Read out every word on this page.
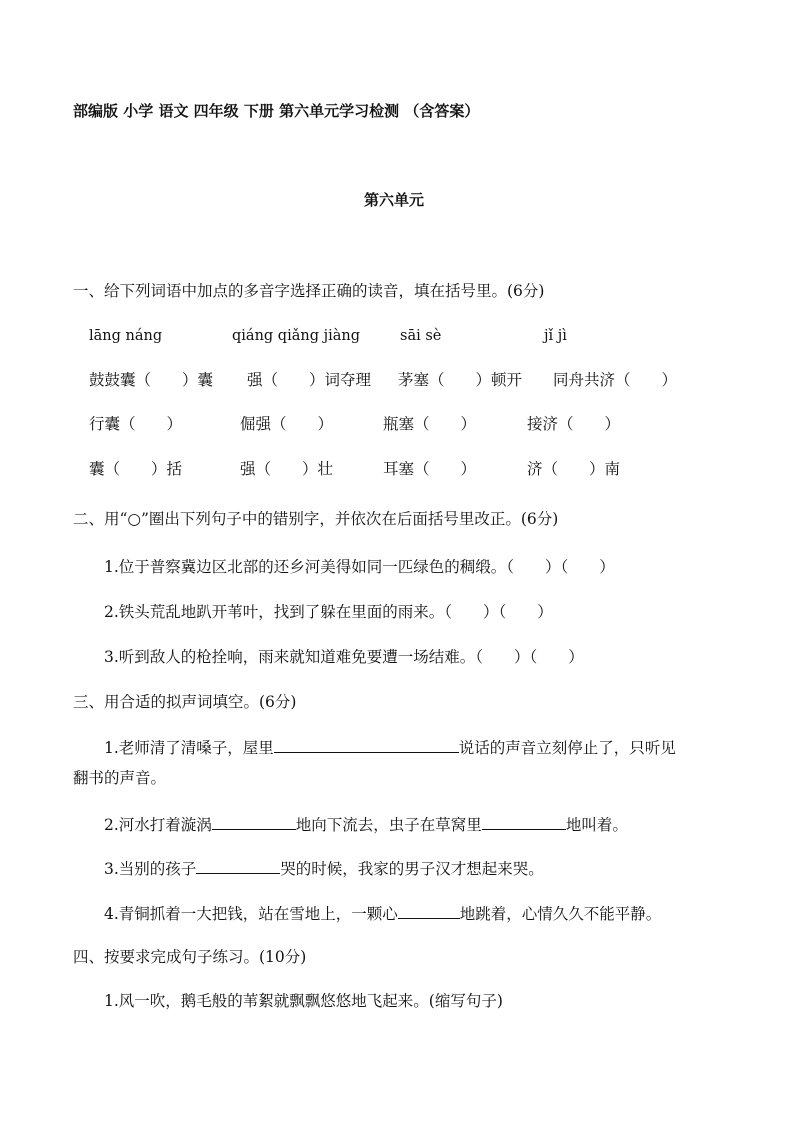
部编版 小学 语文 四年级 下册 第六单元学习检测 （含答案）
第六单元
一、给下列词语中加点的多音字选择正确的读音，填在括号里。(6分)
lāng náng	qiáng qiǎng jiàng	sāi sè	jǐ jì
鼓鼓囊（　　）囊 强（　　）词夺理 茅塞（　　）顿开 同舟共济（　　）
行囊（　　）	倔强（　　）	瓶塞（　　）	接济（　　）
囊（　　）括	强（　　）壮	耳塞（　　）	济（　　）南
二、用“○”圈出下列句子中的错别字，并依次在后面括号里改正。(6分)
1.位于普察冀边区北部的还乡河美得如同一匹绿色的稠缎。（　　）（　　）
2.铁头荒乱地趴开苇叶，找到了躲在里面的雨来。（　　）（　　）
3.听到敌人的枪拴响，雨来就知道难免要遭一场结难。（　　）（　　）
三、用合适的拟声词填空。(6分)
1.老师清了清嗓子，屋里	说话的声音立刻停止了，只听见
翻书的声音。
2.河水打着漩涡	地向下流去，虫子在草窝里	地叫着。
3.当别的孩子	哭的时候，我家的男子汉才想起来哭。
4.青铜抓着一大把钱，站在雪地上，一颗心	地跳着，心情久久不能平静。
四、按要求完成句子练习。(10分)
1.风一吹，鹅毛般的苇絮就飘飘悠悠地飞起来。(缩写句子)
